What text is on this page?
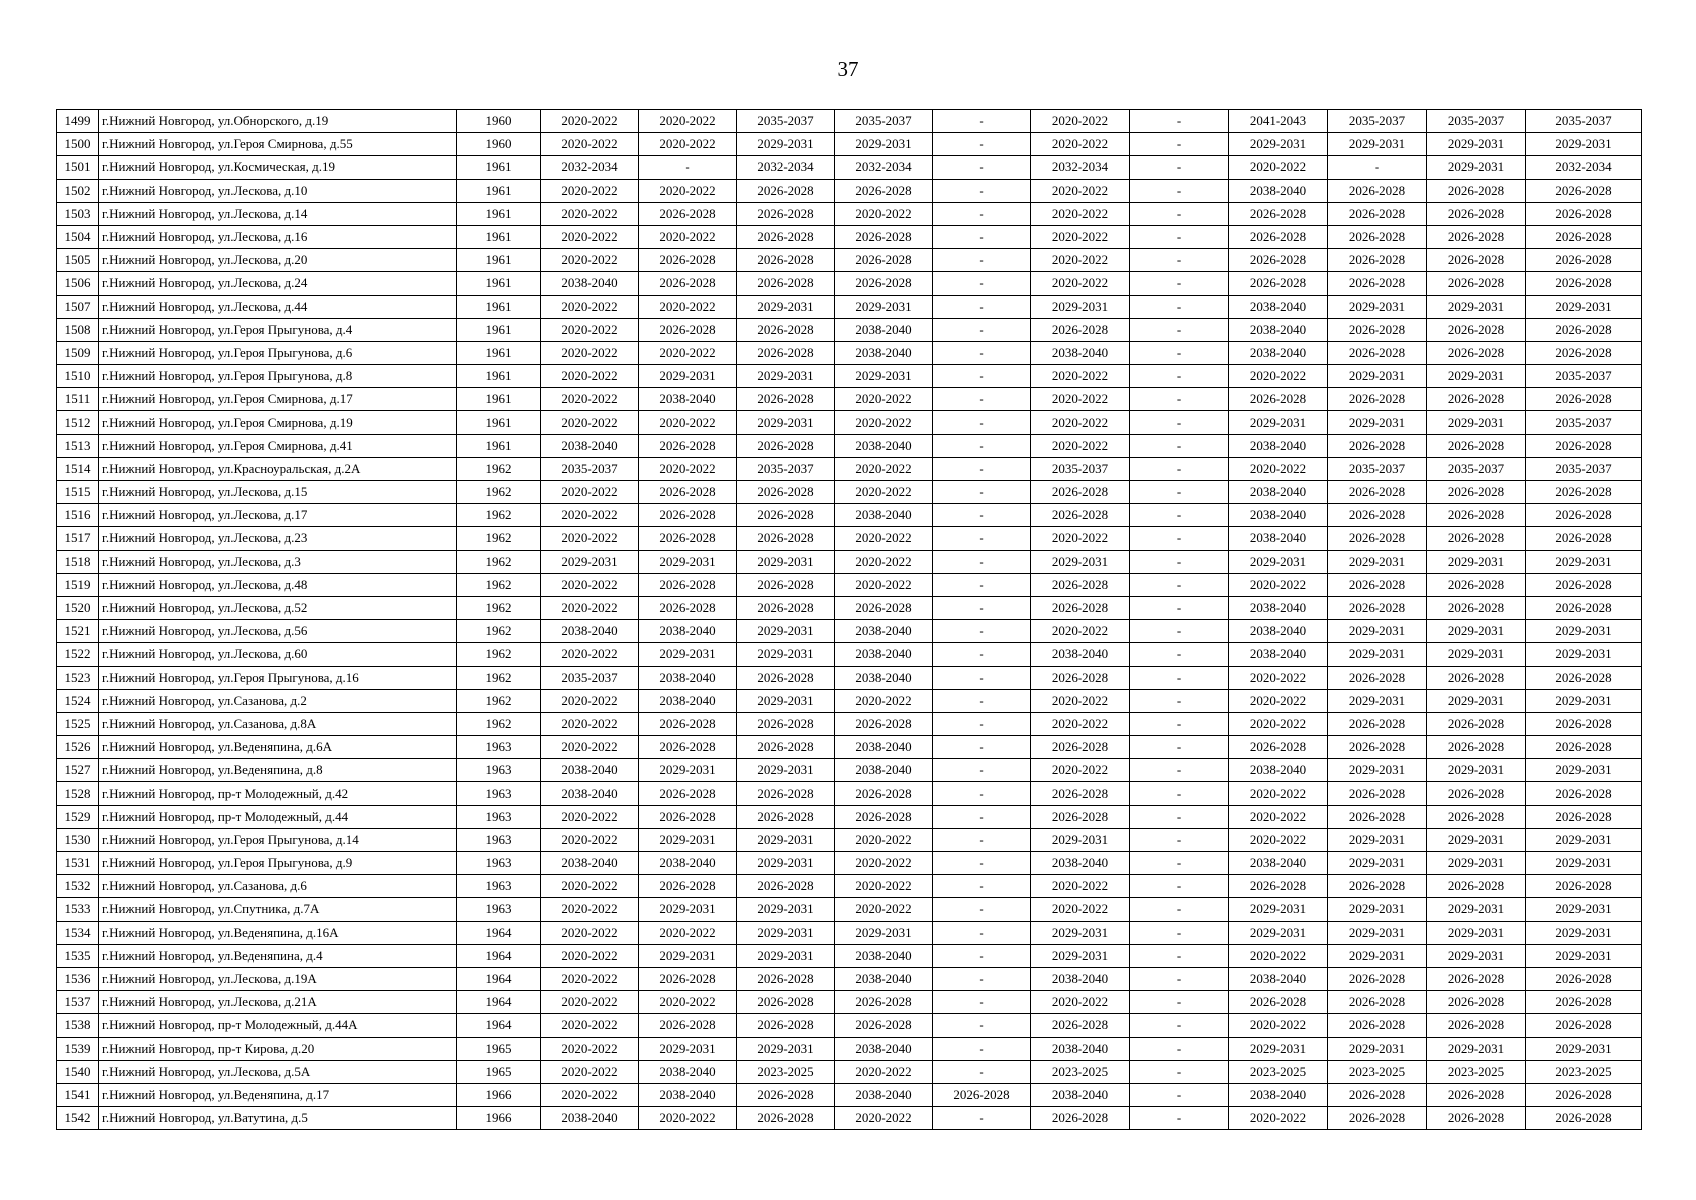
37
1499	г.Нижний Новгород, ул.Обнорского, д.19	1960	2020-2022	2020-2022	2035-2037	2035-2037	-	2020-2022	-	2041-2043	2035-2037	2035-2037	2035-2037
1500	г.Нижний Новгород, ул.Героя Смирнова, д.55	1960	2020-2022	2020-2022	2029-2031	2029-2031	-	2020-2022	-	2029-2031	2029-2031	2029-2031	2029-2031
1501	г.Нижний Новгород, ул.Космическая, д.19	1961	2032-2034	-	2032-2034	2032-2034	-	2032-2034	-	2020-2022	-	2029-2031	2032-2034
1502	г.Нижний Новгород, ул.Лескова, д.10	1961	2020-2022	2020-2022	2026-2028	2026-2028	-	2020-2022	-	2038-2040	2026-2028	2026-2028	2026-2028
1503	г.Нижний Новгород, ул.Лескова, д.14	1961	2020-2022	2026-2028	2026-2028	2020-2022	-	2020-2022	-	2026-2028	2026-2028	2026-2028	2026-2028
1504	г.Нижний Новгород, ул.Лескова, д.16	1961	2020-2022	2020-2022	2026-2028	2026-2028	-	2020-2022	-	2026-2028	2026-2028	2026-2028	2026-2028
1505	г.Нижний Новгород, ул.Лескова, д.20	1961	2020-2022	2026-2028	2026-2028	2026-2028	-	2020-2022	-	2026-2028	2026-2028	2026-2028	2026-2028
1506	г.Нижний Новгород, ул.Лескова, д.24	1961	2038-2040	2026-2028	2026-2028	2026-2028	-	2020-2022	-	2026-2028	2026-2028	2026-2028	2026-2028
1507	г.Нижний Новгород, ул.Лескова, д.44	1961	2020-2022	2020-2022	2029-2031	2029-2031	-	2029-2031	-	2038-2040	2029-2031	2029-2031	2029-2031
1508	г.Нижний Новгород, ул.Героя Прыгунова, д.4	1961	2020-2022	2026-2028	2026-2028	2038-2040	-	2026-2028	-	2038-2040	2026-2028	2026-2028	2026-2028
1509	г.Нижний Новгород, ул.Героя Прыгунова, д.6	1961	2020-2022	2020-2022	2026-2028	2038-2040	-	2038-2040	-	2038-2040	2026-2028	2026-2028	2026-2028
1510	г.Нижний Новгород, ул.Героя Прыгунова, д.8	1961	2020-2022	2029-2031	2029-2031	2029-2031	-	2020-2022	-	2020-2022	2029-2031	2029-2031	2035-2037
1511	г.Нижний Новгород, ул.Героя Смирнова, д.17	1961	2020-2022	2038-2040	2026-2028	2020-2022	-	2020-2022	-	2026-2028	2026-2028	2026-2028	2026-2028
1512	г.Нижний Новгород, ул.Героя Смирнова, д.19	1961	2020-2022	2020-2022	2029-2031	2020-2022	-	2020-2022	-	2029-2031	2029-2031	2029-2031	2035-2037
1513	г.Нижний Новгород, ул.Героя Смирнова, д.41	1961	2038-2040	2026-2028	2026-2028	2038-2040	-	2020-2022	-	2038-2040	2026-2028	2026-2028	2026-2028
1514	г.Нижний Новгород, ул.Красноуральская, д.2А	1962	2035-2037	2020-2022	2035-2037	2020-2022	-	2035-2037	-	2020-2022	2035-2037	2035-2037	2035-2037
1515	г.Нижний Новгород, ул.Лескова, д.15	1962	2020-2022	2026-2028	2026-2028	2020-2022	-	2026-2028	-	2038-2040	2026-2028	2026-2028	2026-2028
1516	г.Нижний Новгород, ул.Лескова, д.17	1962	2020-2022	2026-2028	2026-2028	2038-2040	-	2026-2028	-	2038-2040	2026-2028	2026-2028	2026-2028
1517	г.Нижний Новгород, ул.Лескова, д.23	1962	2020-2022	2026-2028	2026-2028	2020-2022	-	2020-2022	-	2038-2040	2026-2028	2026-2028	2026-2028
1518	г.Нижний Новгород, ул.Лескова, д.3	1962	2029-2031	2029-2031	2029-2031	2020-2022	-	2029-2031	-	2029-2031	2029-2031	2029-2031	2029-2031
1519	г.Нижний Новгород, ул.Лескова, д.48	1962	2020-2022	2026-2028	2026-2028	2020-2022	-	2026-2028	-	2020-2022	2026-2028	2026-2028	2026-2028
1520	г.Нижний Новгород, ул.Лескова, д.52	1962	2020-2022	2026-2028	2026-2028	2026-2028	-	2026-2028	-	2038-2040	2026-2028	2026-2028	2026-2028
1521	г.Нижний Новгород, ул.Лескова, д.56	1962	2038-2040	2038-2040	2029-2031	2038-2040	-	2020-2022	-	2038-2040	2029-2031	2029-2031	2029-2031
1522	г.Нижний Новгород, ул.Лескова, д.60	1962	2020-2022	2029-2031	2029-2031	2038-2040	-	2038-2040	-	2038-2040	2029-2031	2029-2031	2029-2031
1523	г.Нижний Новгород, ул.Героя Прыгунова, д.16	1962	2035-2037	2038-2040	2026-2028	2038-2040	-	2026-2028	-	2020-2022	2026-2028	2026-2028	2026-2028
1524	г.Нижний Новгород, ул.Сазанова, д.2	1962	2020-2022	2038-2040	2029-2031	2020-2022	-	2020-2022	-	2020-2022	2029-2031	2029-2031	2029-2031
1525	г.Нижний Новгород, ул.Сазанова, д.8А	1962	2020-2022	2026-2028	2026-2028	2026-2028	-	2020-2022	-	2020-2022	2026-2028	2026-2028	2026-2028
1526	г.Нижний Новгород, ул.Веденяпина, д.6А	1963	2020-2022	2026-2028	2026-2028	2038-2040	-	2026-2028	-	2026-2028	2026-2028	2026-2028	2026-2028
1527	г.Нижний Новгород, ул.Веденяпина, д.8	1963	2038-2040	2029-2031	2029-2031	2038-2040	-	2020-2022	-	2038-2040	2029-2031	2029-2031	2029-2031
1528	г.Нижний Новгород, пр-т Молодежный, д.42	1963	2038-2040	2026-2028	2026-2028	2026-2028	-	2026-2028	-	2020-2022	2026-2028	2026-2028	2026-2028
1529	г.Нижний Новгород, пр-т Молодежный, д.44	1963	2020-2022	2026-2028	2026-2028	2026-2028	-	2026-2028	-	2020-2022	2026-2028	2026-2028	2026-2028
1530	г.Нижний Новгород, ул.Героя Прыгунова, д.14	1963	2020-2022	2029-2031	2029-2031	2020-2022	-	2029-2031	-	2020-2022	2029-2031	2029-2031	2029-2031
1531	г.Нижний Новгород, ул.Героя Прыгунова, д.9	1963	2038-2040	2038-2040	2029-2031	2020-2022	-	2038-2040	-	2038-2040	2029-2031	2029-2031	2029-2031
1532	г.Нижний Новгород, ул.Сазанова, д.6	1963	2020-2022	2026-2028	2026-2028	2020-2022	-	2020-2022	-	2026-2028	2026-2028	2026-2028	2026-2028
1533	г.Нижний Новгород, ул.Спутника, д.7А	1963	2020-2022	2029-2031	2029-2031	2020-2022	-	2020-2022	-	2029-2031	2029-2031	2029-2031	2029-2031
1534	г.Нижний Новгород, ул.Веденяпина, д.16А	1964	2020-2022	2020-2022	2029-2031	2029-2031	-	2029-2031	-	2029-2031	2029-2031	2029-2031	2029-2031
1535	г.Нижний Новгород, ул.Веденяпина, д.4	1964	2020-2022	2029-2031	2029-2031	2038-2040	-	2029-2031	-	2020-2022	2029-2031	2029-2031	2029-2031
1536	г.Нижний Новгород, ул.Лескова, д.19А	1964	2020-2022	2026-2028	2026-2028	2038-2040	-	2038-2040	-	2038-2040	2026-2028	2026-2028	2026-2028
1537	г.Нижний Новгород, ул.Лескова, д.21А	1964	2020-2022	2020-2022	2026-2028	2026-2028	-	2020-2022	-	2026-2028	2026-2028	2026-2028	2026-2028
1538	г.Нижний Новгород, пр-т Молодежный, д.44А	1964	2020-2022	2026-2028	2026-2028	2026-2028	-	2026-2028	-	2020-2022	2026-2028	2026-2028	2026-2028
1539	г.Нижний Новгород, пр-т Кирова, д.20	1965	2020-2022	2029-2031	2029-2031	2038-2040	-	2038-2040	-	2029-2031	2029-2031	2029-2031	2029-2031
1540	г.Нижний Новгород, ул.Лескова, д.5А	1965	2020-2022	2038-2040	2023-2025	2020-2022	-	2023-2025	-	2023-2025	2023-2025	2023-2025	2023-2025
1541	г.Нижний Новгород, ул.Веденяпина, д.17	1966	2020-2022	2038-2040	2026-2028	2038-2040	2026-2028	2038-2040	-	2038-2040	2026-2028	2026-2028	2026-2028
1542	г.Нижний Новгород, ул.Ватутина, д.5	1966	2038-2040	2020-2022	2026-2028	2020-2022	-	2026-2028	-	2020-2022	2026-2028	2026-2028	2026-2028
